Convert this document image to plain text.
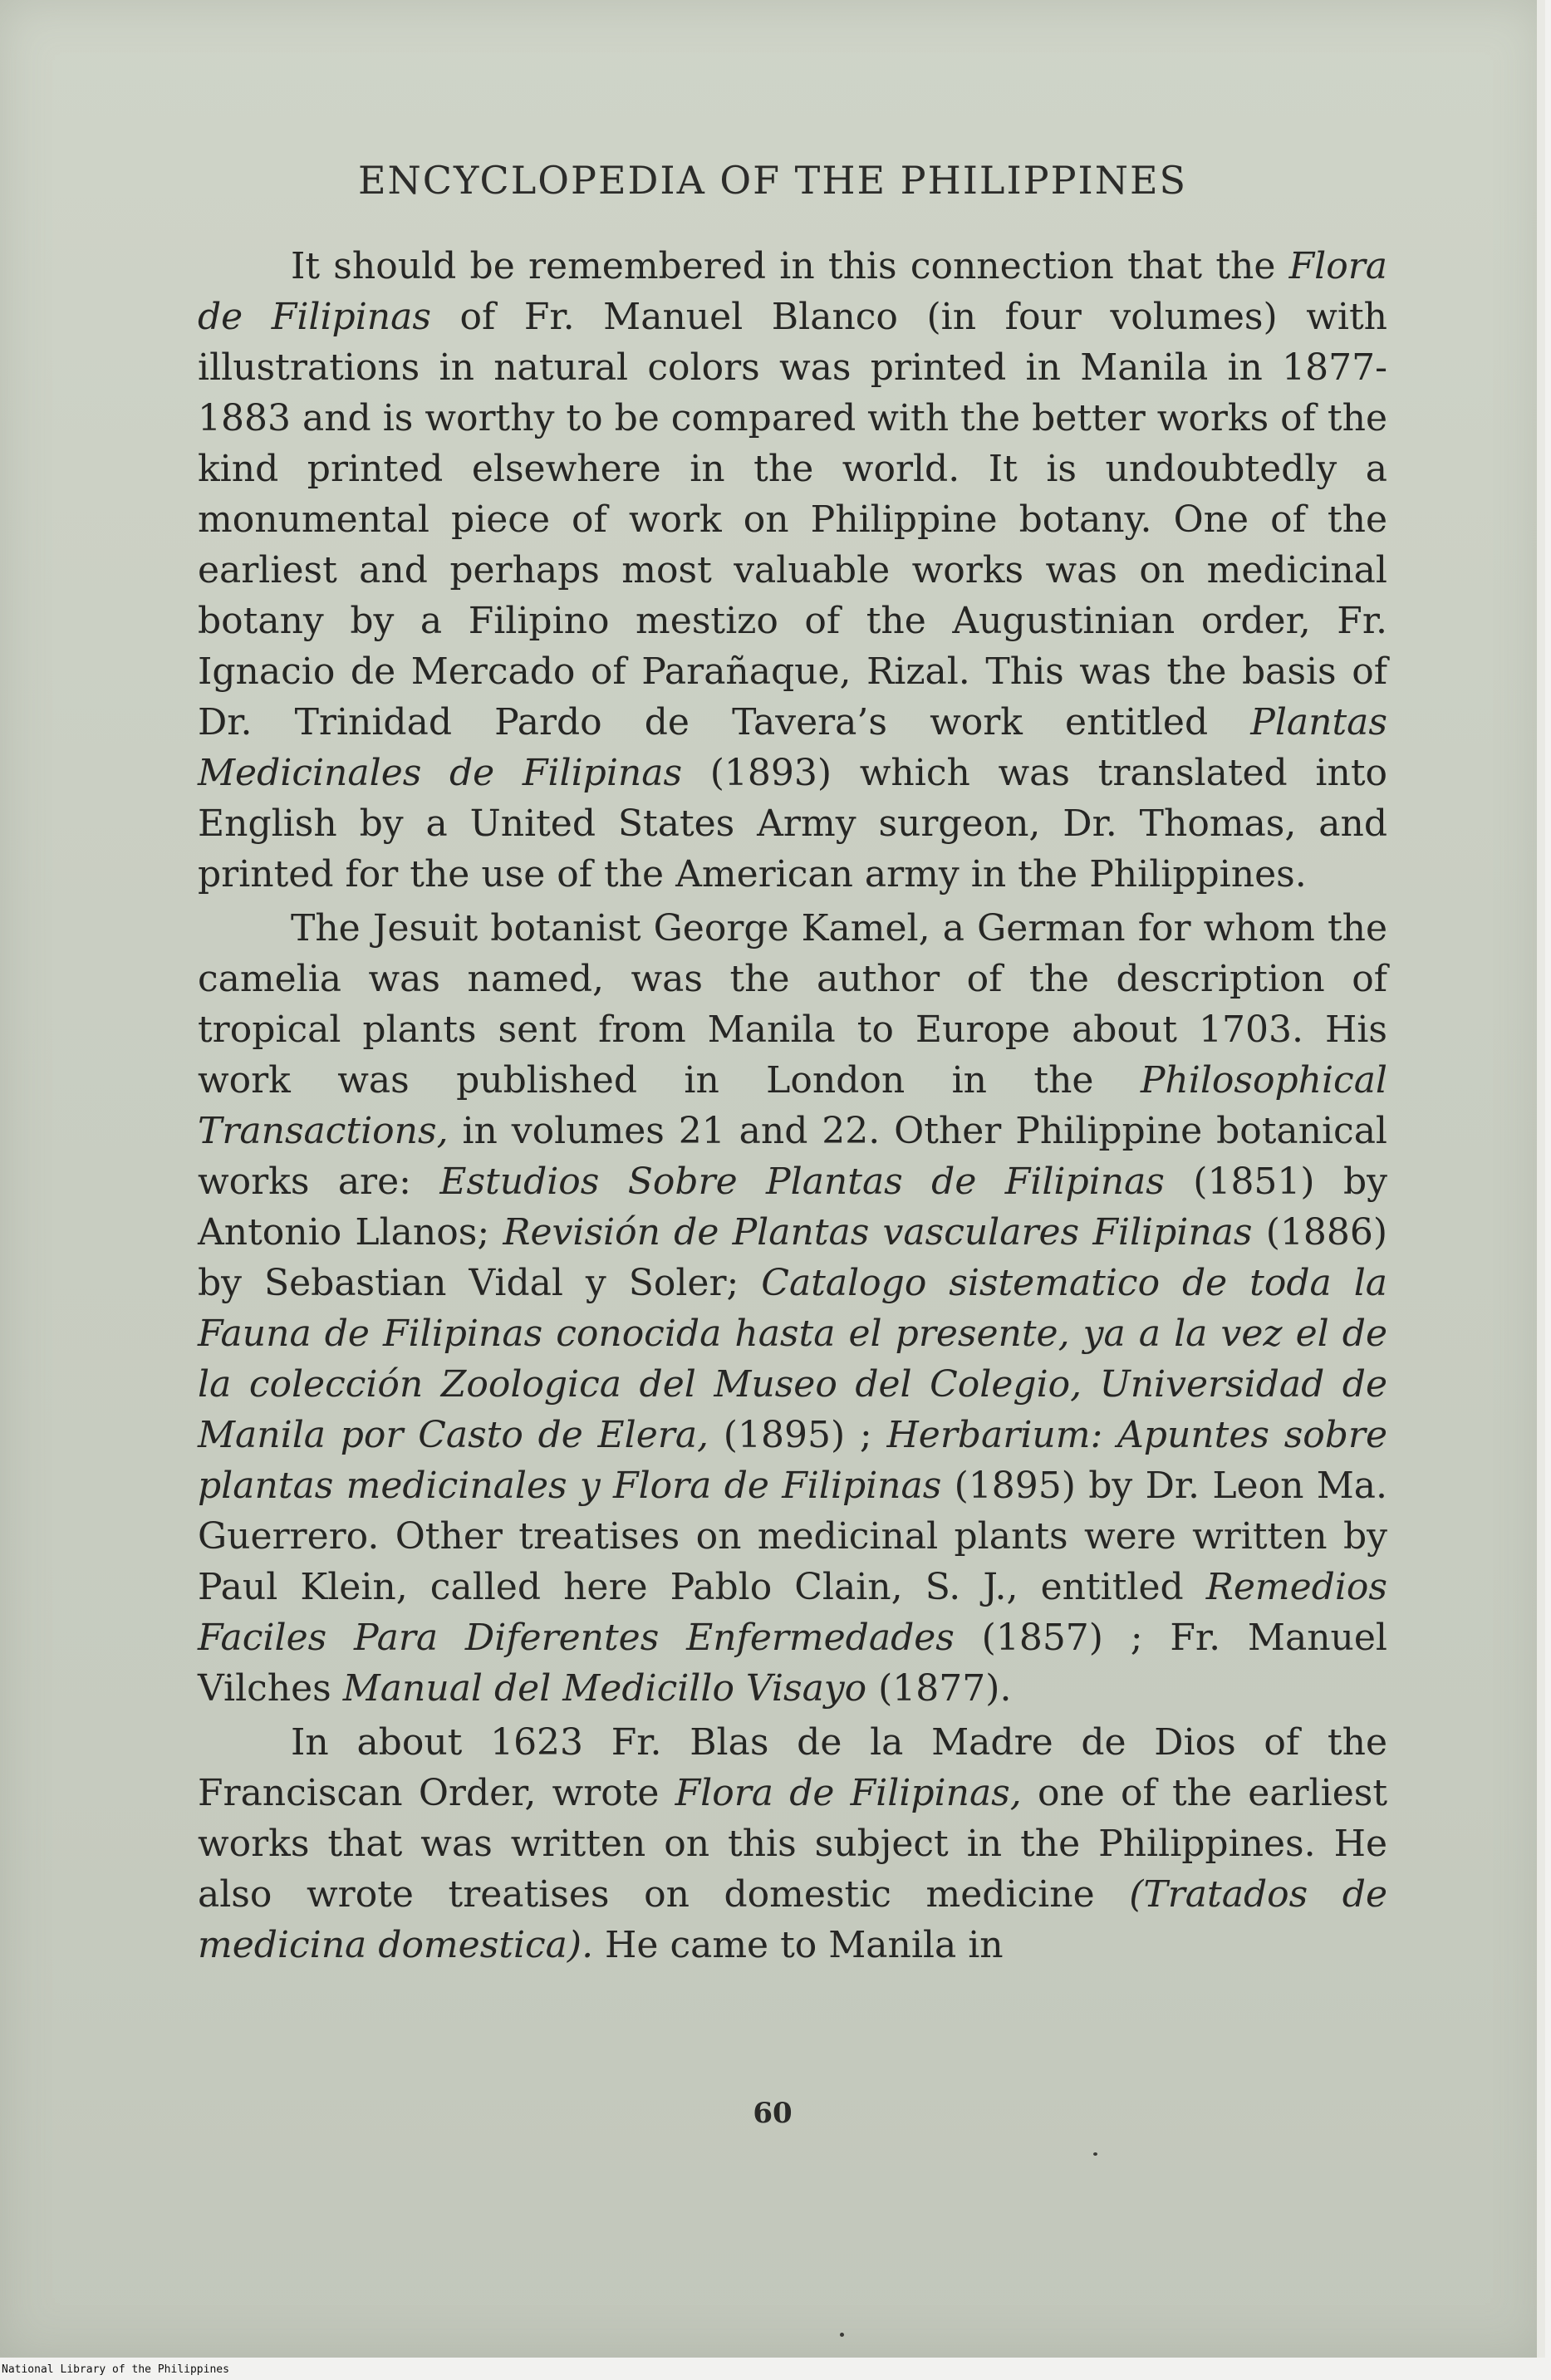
ENCYCLOPEDIA OF THE PHILIPPINES

It should be remembered in this connection that the Flora de Filipinas of Fr. Manuel Blanco (in four volumes) with illustrations in natural colors was printed in Manila in 1877-1883 and is worthy to be compared with the better works of the kind printed elsewhere in the world. It is undoubtedly a monumental piece of work on Philippine botany. One of the earliest and perhaps most valuable works was on medicinal botany by a Filipino mestizo of the Augustinian order, Fr. Ignacio de Mercado of Parañaque, Rizal. This was the basis of Dr. Trinidad Pardo de Tavera’s work entitled Plantas Medicinales de Filipinas (1893) which was translated into English by a United States Army surgeon, Dr. Thomas, and printed for the use of the American army in the Philippines.

The Jesuit botanist George Kamel, a German for whom the camelia was named, was the author of the description of tropical plants sent from Manila to Europe about 1703. His work was published in London in the Philosophical Transactions, in volumes 21 and 22. Other Philippine botanical works are: Estudios Sobre Plantas de Filipinas (1851) by Antonio Llanos; Revisión de Plantas vasculares Filipinas (1886) by Sebastian Vidal y Soler; Catalogo sistematico de toda la Fauna de Filipinas conocida hasta el presente, ya a la vez el de la colección Zoologica del Museo del Colegio, Universidad de Manila por Casto de Elera, (1895) ; Herbarium: Apuntes sobre plantas medicinales y Flora de Filipinas (1895) by Dr. Leon Ma. Guerrero. Other treatises on medicinal plants were written by Paul Klein, called here Pablo Clain, S. J., entitled Remedios Faciles Para Diferentes Enfermedades (1857) ; Fr. Manuel Vilches Manual del Medicillo Visayo (1877).

In about 1623 Fr. Blas de la Madre de Dios of the Franciscan Order, wrote Flora de Filipinas, one of the earliest works that was written on this subject in the Philippines. He also wrote treatises on domestic medicine (Tratados de medicina domestica). He came to Manila in

60
National Library of the Philippines
